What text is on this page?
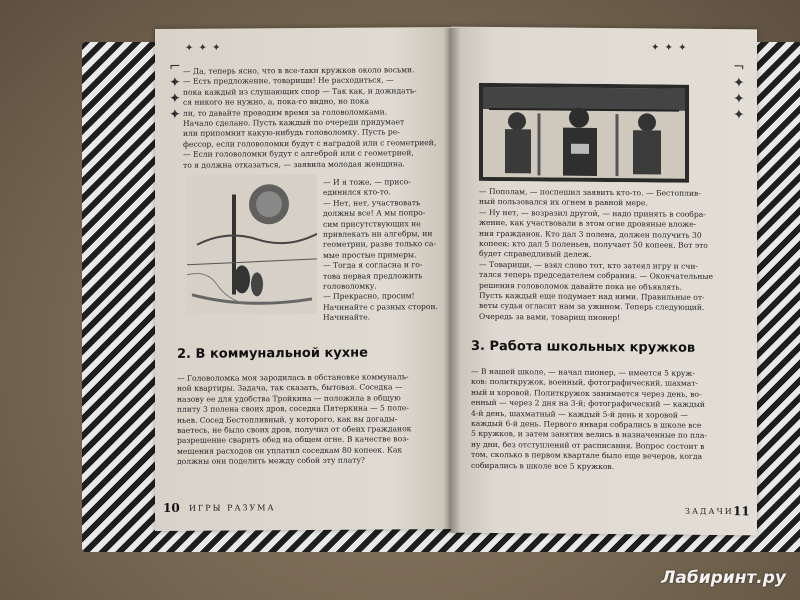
✦ ✦ ✦
⌐
✦
✦
✦

— Да, теперь ясно, что в все-таки кружков около восьми.

— Есть предложение, товарищи! Не расходиться, —

пока каждый из слушающих спор — Так как, и дожидать-

ся никого не нужно, а, пока-го видно, но пока

ли, то давайте проводим время за головоломками.

Начало сделано. Пусть каждый по очереди придумает

или припомнит какую-нибудь головоломку. Пусть ре-

фессор, если головоломки будут с наградой или с геометрией,

— Если головоломки будут с алгеброй или с геометрией,

то я должна отказаться, — заявила молодая женщина.

— И я тоже, — присо-

единился кто-то.

— Нет, нет, участвовать

должны все! А мы попро-

сим присутствующих не

привлекать ни алгебры, ни

геометрии, разве только са-

мые простые примеры.

— Тогда я согласна и го-

това первая предложить

головоломку.

— Прекрасно, просим!

Начинайте с разных сторон.

Начинайте.

2. В коммунальной кухне

— Головоломка моя зародилась в обстановке коммуналь-

ной квартиры. Задача, так сказать, бытовая. Соседка —

назову ее для удобства Тройкина — положила в общую

плиту 3 полена своих дров, соседка Пятеркина — 5 поле-

ньев. Сосед Бестопливный, у которого, как вы догады-

ваетесь, не было своих дров, получил от обеих гражданок

разрешение сварить обед на общем огне. В качестве воз-

мещения расходов он уплатил соседкам 80 копеек. Как

должны они поделить между собой эту плату?

10 ИГРЫ РАЗУМА
✦ ✦ ✦
¬
✦
✦
✦

— Пополам, — поспешил заявить кто-то. — Бестоплив-

ный пользовался их огнем в равной мере.

— Ну нет, — возразил другой, — надо принять в сообра-

жение, как участвовали в этом огне дровяные вложе-

ния гражданок. Кто дал 3 полена, должен получить 30

копеек; кто дал 5 поленьев, получает 50 копеек. Вот это

будет справедливый дележ.

— Товарищи, — взял слово тот, кто затеял игру и счи-

тался теперь председателем собрания. — Окончательные

решения головоломок давайте пока не объявлять.

Пусть каждый еще подумает над ними. Правильные от-

веты судья огласит нам за ужином. Теперь следующий.

Очередь за вами, товарищ пионер!

3. Работа школьных кружков

— В нашей школе, — начал пионер, — имеется 5 круж-

ков: политкружок, военный, фотографический, шахмат-

ный и хоровой. Политкружок занимается через день, во-

енный — через 2 дня на 3-й; фотографический — каждый

4-й день, шахматный — каждый 5-й день и хоровой —

каждый 6-й день. Первого января собрались в школе все

5 кружков, и затем занятия велись в назначенные по пла-

ну дни, без отступлений от расписания. Вопрос состоит в

том, сколько в первом квартале было еще вечеров, когда

собирались в школе все 5 кружков.

ЗАДАЧИ 11
Лабиринт.ру
